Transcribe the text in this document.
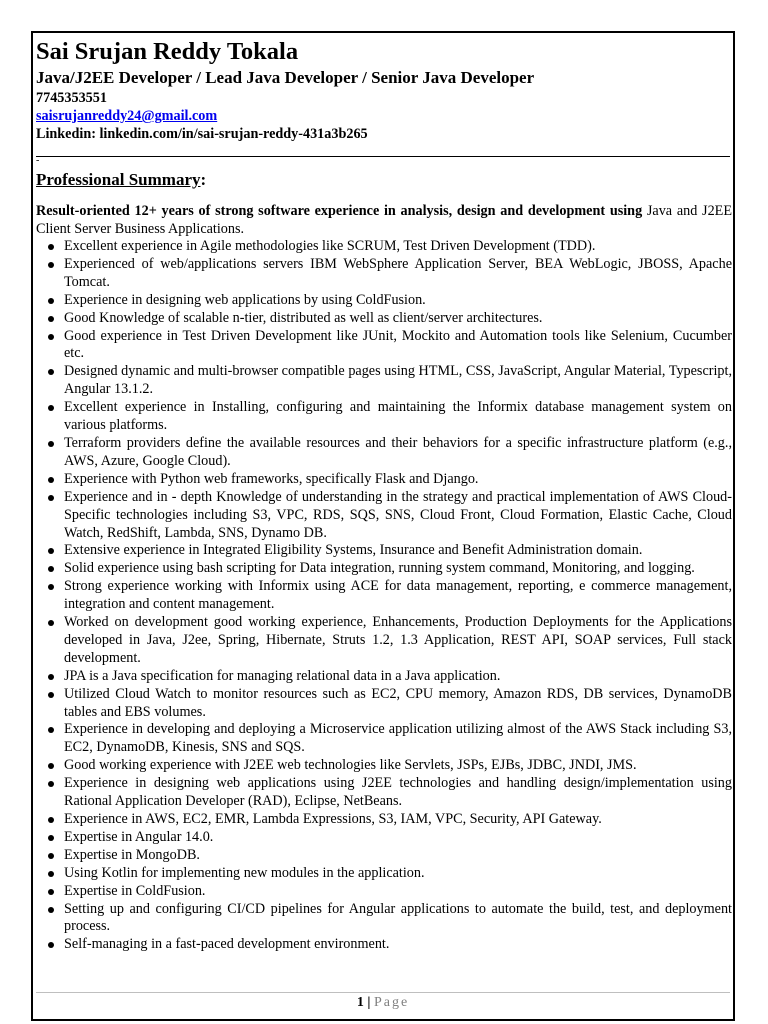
Sai Srujan Reddy Tokala
Java/J2EE Developer / Lead Java Developer / Senior Java Developer
7745353551
saisrujanreddy24@gmail.com
Linkedin: linkedin.com/in/sai-srujan-reddy-431a3b265
-
Professional Summary:
Result-oriented 12+ years of strong software experience in analysis, design and development using Java and J2EE Client Server Business Applications.
Excellent experience in Agile methodologies like SCRUM, Test Driven Development (TDD).
Experienced of web/applications servers IBM WebSphere Application Server, BEA WebLogic, JBOSS, Apache Tomcat.
Experience in designing web applications by using ColdFusion.
Good Knowledge of scalable n-tier, distributed as well as client/server architectures.
Good experience in Test Driven Development like JUnit, Mockito and Automation tools like Selenium, Cucumber etc.
Designed dynamic and multi-browser compatible pages using HTML, CSS, JavaScript, Angular Material, Typescript, Angular 13.1.2.
Excellent experience in Installing, configuring and maintaining the Informix database management system on various platforms.
Terraform providers define the available resources and their behaviors for a specific infrastructure platform (e.g., AWS, Azure, Google Cloud).
Experience with Python web frameworks, specifically Flask and Django.
Experience and in - depth Knowledge of understanding in the strategy and practical implementation of AWS Cloud-Specific technologies including S3, VPC, RDS, SQS, SNS, Cloud Front, Cloud Formation, Elastic Cache, Cloud Watch, RedShift, Lambda, SNS, Dynamo DB.
Extensive experience in Integrated Eligibility Systems, Insurance and Benefit Administration domain.
Solid experience using bash scripting for Data integration, running system command, Monitoring, and logging.
Strong experience working with Informix using ACE for data management, reporting, e commerce management, integration and content management.
Worked on development good working experience, Enhancements, Production Deployments for the Applications developed in Java, J2ee, Spring, Hibernate, Struts 1.2, 1.3 Application, REST API, SOAP services, Full stack development.
JPA is a Java specification for managing relational data in a Java application.
Utilized Cloud Watch to monitor resources such as EC2, CPU memory, Amazon RDS, DB services, DynamoDB tables and EBS volumes.
Experience in developing and deploying a Microservice application utilizing almost of the AWS Stack including S3, EC2, DynamoDB, Kinesis, SNS and SQS.
Good working experience with J2EE web technologies like Servlets, JSPs, EJBs, JDBC, JNDI, JMS.
Experience in designing web applications using J2EE technologies and handling design/implementation using Rational Application Developer (RAD), Eclipse, NetBeans.
Experience in AWS, EC2, EMR, Lambda Expressions, S3, IAM, VPC, Security, API Gateway.
Expertise in Angular 14.0.
Expertise in MongoDB.
Using Kotlin for implementing new modules in the application.
Expertise in ColdFusion.
Setting up and configuring CI/CD pipelines for Angular applications to automate the build, test, and deployment process.
Self-managing in a fast-paced development environment.
1 | Page
